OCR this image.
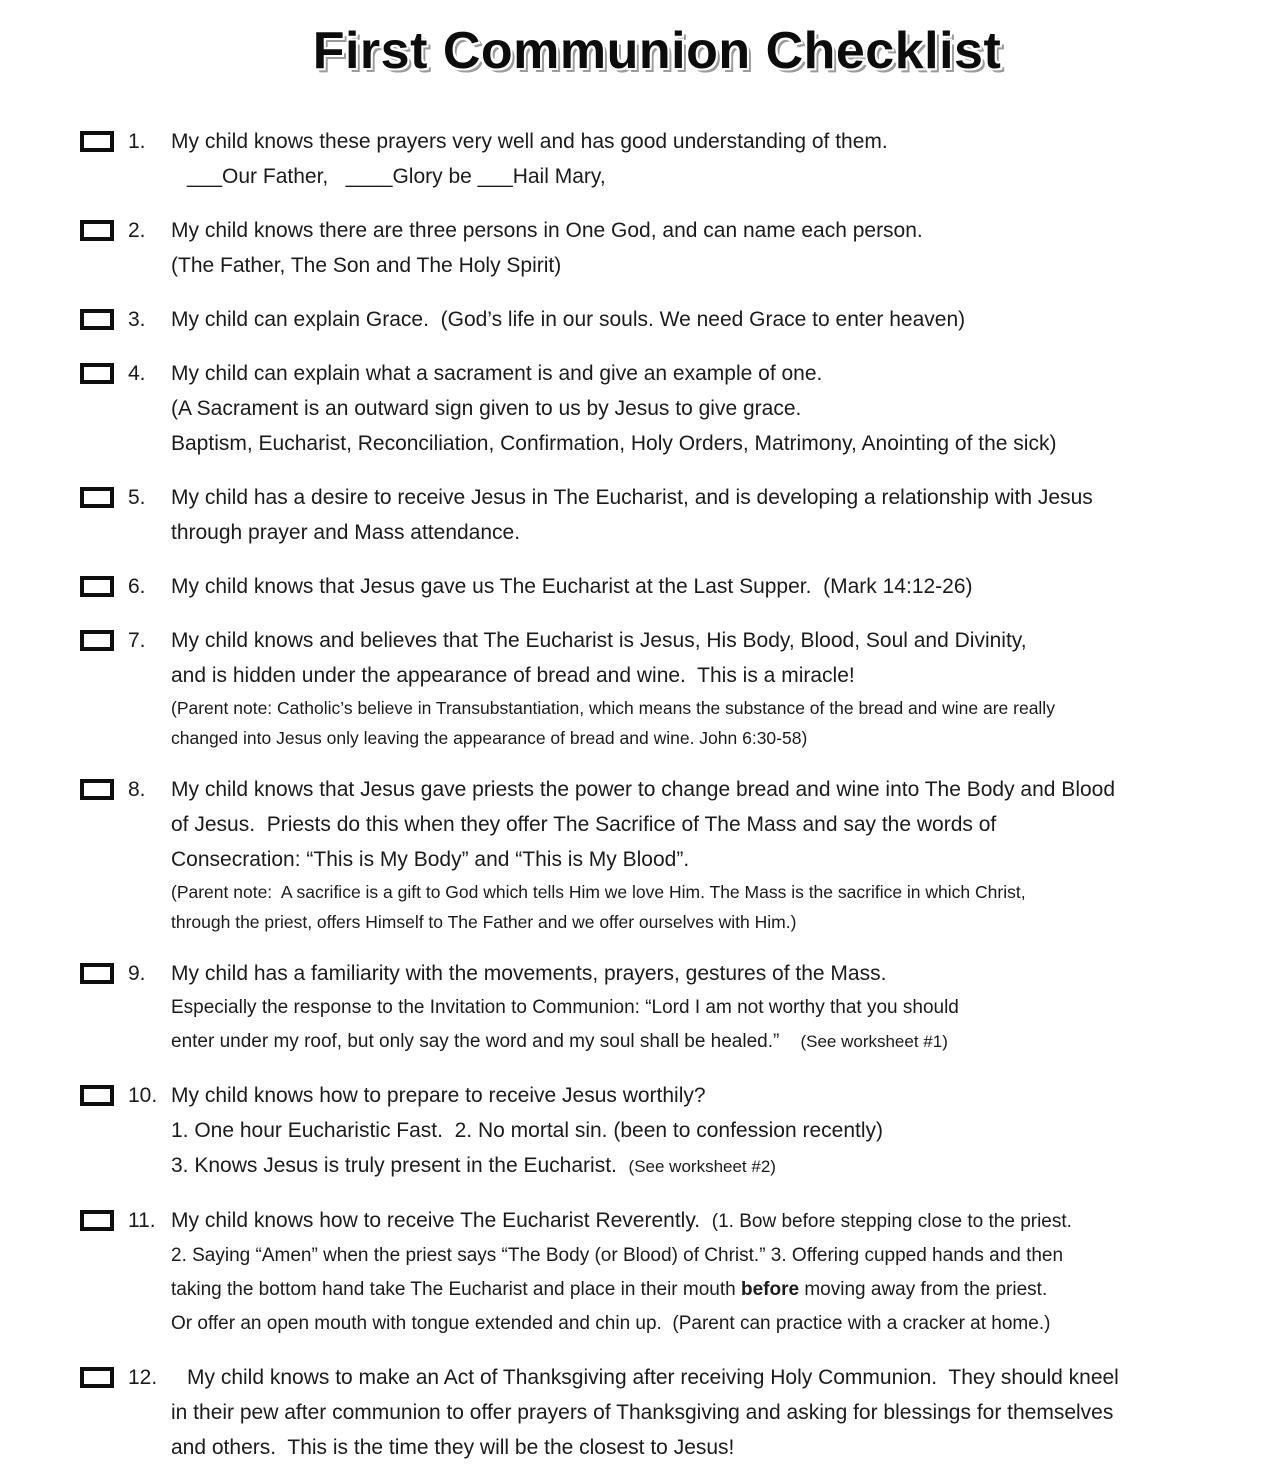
First Communion Checklist
1.	My child knows these prayers very well and has good understanding of them.
___Our Father,   ____Glory be ___Hail Mary,
2.	My child knows there are three persons in One God, and can name each person.
(The Father, The Son and The Holy Spirit)
3.	My child can explain Grace.  (God’s life in our souls. We need Grace to enter heaven)
4.	My child can explain what a sacrament is and give an example of one.
(A Sacrament is an outward sign given to us by Jesus to give grace.
Baptism, Eucharist, Reconciliation, Confirmation, Holy Orders, Matrimony, Anointing of the sick)
5.	My child has a desire to receive Jesus in The Eucharist, and is developing a relationship with Jesus
through prayer and Mass attendance.
6.	My child knows that Jesus gave us The Eucharist at the Last Supper.  (Mark 14:12-26)
7.	My child knows and believes that The Eucharist is Jesus, His Body, Blood, Soul and Divinity,
and is hidden under the appearance of bread and wine.  This is a miracle!
(Parent note: Catholic’s believe in Transubstantiation, which means the substance of the bread and wine are really
changed into Jesus only leaving the appearance of bread and wine. John 6:30-58)
8.	My child knows that Jesus gave priests the power to change bread and wine into The Body and Blood
of Jesus.  Priests do this when they offer The Sacrifice of The Mass and say the words of
Consecration: “This is My Body” and “This is My Blood”.
(Parent note:  A sacrifice is a gift to God which tells Him we love Him. The Mass is the sacrifice in which Christ,
through the priest, offers Himself to The Father and we offer ourselves with Him.)
9.	My child has a familiarity with the movements, prayers, gestures of the Mass.
Especially the response to the Invitation to Communion: “Lord I am not worthy that you should
enter under my roof, but only say the word and my soul shall be healed.”    (See worksheet #1)
10. My child knows how to prepare to receive Jesus worthily?
1. One hour Eucharistic Fast.  2. No mortal sin. (been to confession recently)
3. Knows Jesus is truly present in the Eucharist.  (See worksheet #2)
11. My child knows how to receive The Eucharist Reverently.  (1. Bow before stepping close to the priest.
2. Saying “Amen” when the priest says “The Body (or Blood) of Christ.” 3. Offering cupped hands and then
taking the bottom hand take The Eucharist and place in their mouth before moving away from the priest.
Or offer an open mouth with tongue extended and chin up.  (Parent can practice with a cracker at home.)
12.	My child knows to make an Act of Thanksgiving after receiving Holy Communion.  They should kneel
in their pew after communion to offer prayers of Thanksgiving and asking for blessings for themselves
and others.  This is the time they will be the closest to Jesus!
